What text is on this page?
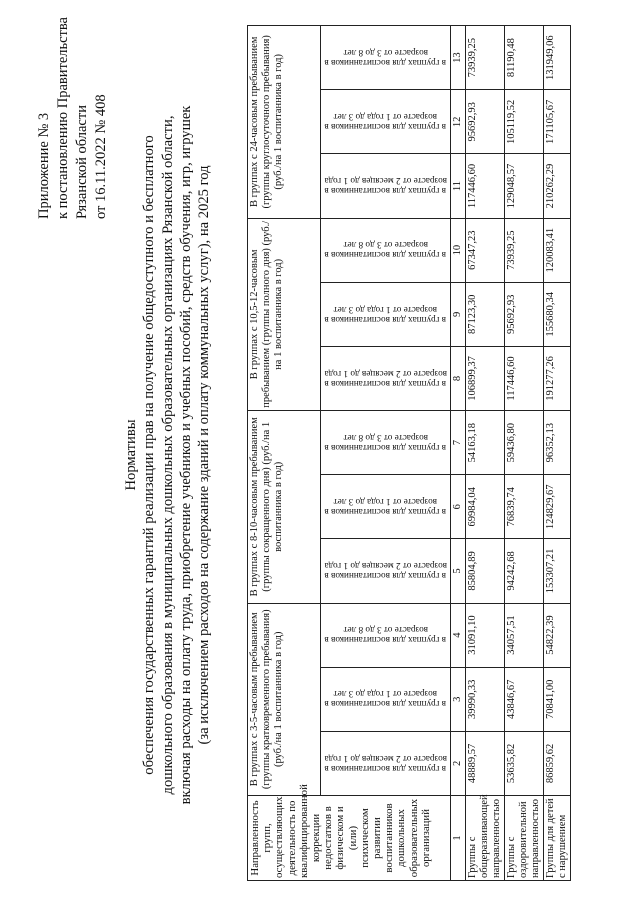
Приложение № 3 к постановлению Правительства Рязанской области от 16.11.2022 № 408
Нормативы обеспечения государственных гарантий реализации прав на получение общедоступного и бесплатного дошкольного образования в муниципальных дошкольных образовательных организациях Рязанской области, включая расходы на оплату труда, приобретение учебников и учебных пособий, средств обучения, игр, игрушек (за исключением расходов на содержание зданий и оплату коммунальных услуг), на 2025 год
Направленность групп, осуществляющих деятельность по квалифицированной коррекции недостатков в физическом и (или) психическом развитии воспитанников дошкольных образовательных организаций	В группах с 3-5-часовым пребыванием (группы кратковременного пребывания) (руб./на 1 воспитанника в год)			В группах с 8-10-часовым пребыванием (группы сокращенного дня) (руб./на 1 воспитанника в год)			В группах с 10,5-12-часовым пребыванием (группы полного дня) (руб./на 1 воспитанника в год)			В группах с 24-часовым пребыванием (группы круглосуточного пребывания) (руб./на 1 воспитанника в год)		

	в группах для воспитанников в возрасте от 2 месяцев до 1 года	в группах для воспитанников в возрасте от 1 года до 3 лет	в группах для воспитанников в возрасте от 3 до 8 лет	в группах для воспитанников в возрасте от 2 месяцев до 1 года	в группах для воспитанников в возрасте от 1 года до 3 лет	в группах для воспитанников в возрасте от 3 до 8 лет	в группах для воспитанников в возрасте от 2 месяцев до 1 года	в группах для воспитанников в возрасте от 1 года до 3 лет	в группах для воспитанников в возрасте от 3 до 8 лет	в группах для воспитанников в возрасте от 2 месяцев до 1 года	в группах для воспитанников в возрасте от 1 года до 3 лет	в группах для воспитанников в возрасте от 3 до 8 лет

1	2	3	4	5	6	7	8	9	10	11	12	13
Группы с общеразвивающей направленностью	48889,57	39990,33	31091,10	85804,89	69984,04	54163,18	106899,37	87123,30	67347,23	117446,60	95692,93	73939,25
Группы с оздоровительной направленностью	53635,82	43846,67	34057,51	94242,68	76839,74	59436,80	117446,60	95692,93	73939,25	129048,57	105119,52	81190,48
Группы для детей с нарушением	86859,62	70841,00	54822,39	153307,21	124829,67	96352,13	191277,26	155680,34	120083,41	210262,29	171105,67	131949,06
